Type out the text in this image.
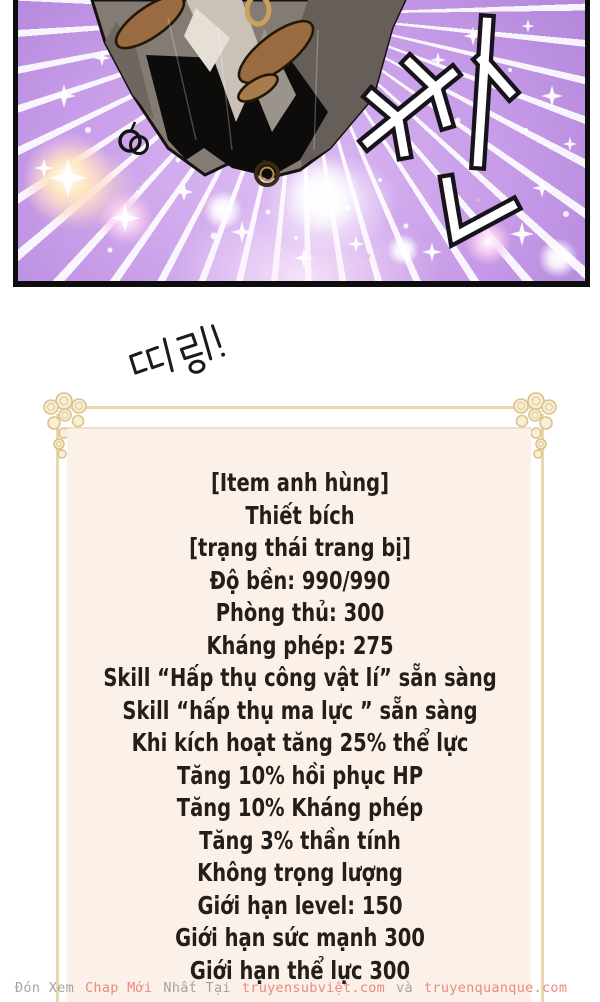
Đón Xem Chap Mới Nhất Tại truyensubviệt.com và truyenquanque.com
[Item anh hùng]
Thiết bích
[trạng thái trang bị]
Độ bền: 990/990
Phòng thủ: 300
Kháng phép: 275
Skill “Hấp thụ công vật lí” sẵn sàng
Skill “hấp thụ ma lực ” sẵn sàng
Khi kích hoạt tăng 25% thể lực
Tăng 10% hồi phục HP
Tăng 10% Kháng phép
Tăng 3% thần tính
Không trọng lượng
Giới hạn level: 150
Giới hạn sức mạnh 300
Giới hạn thể lực 300
